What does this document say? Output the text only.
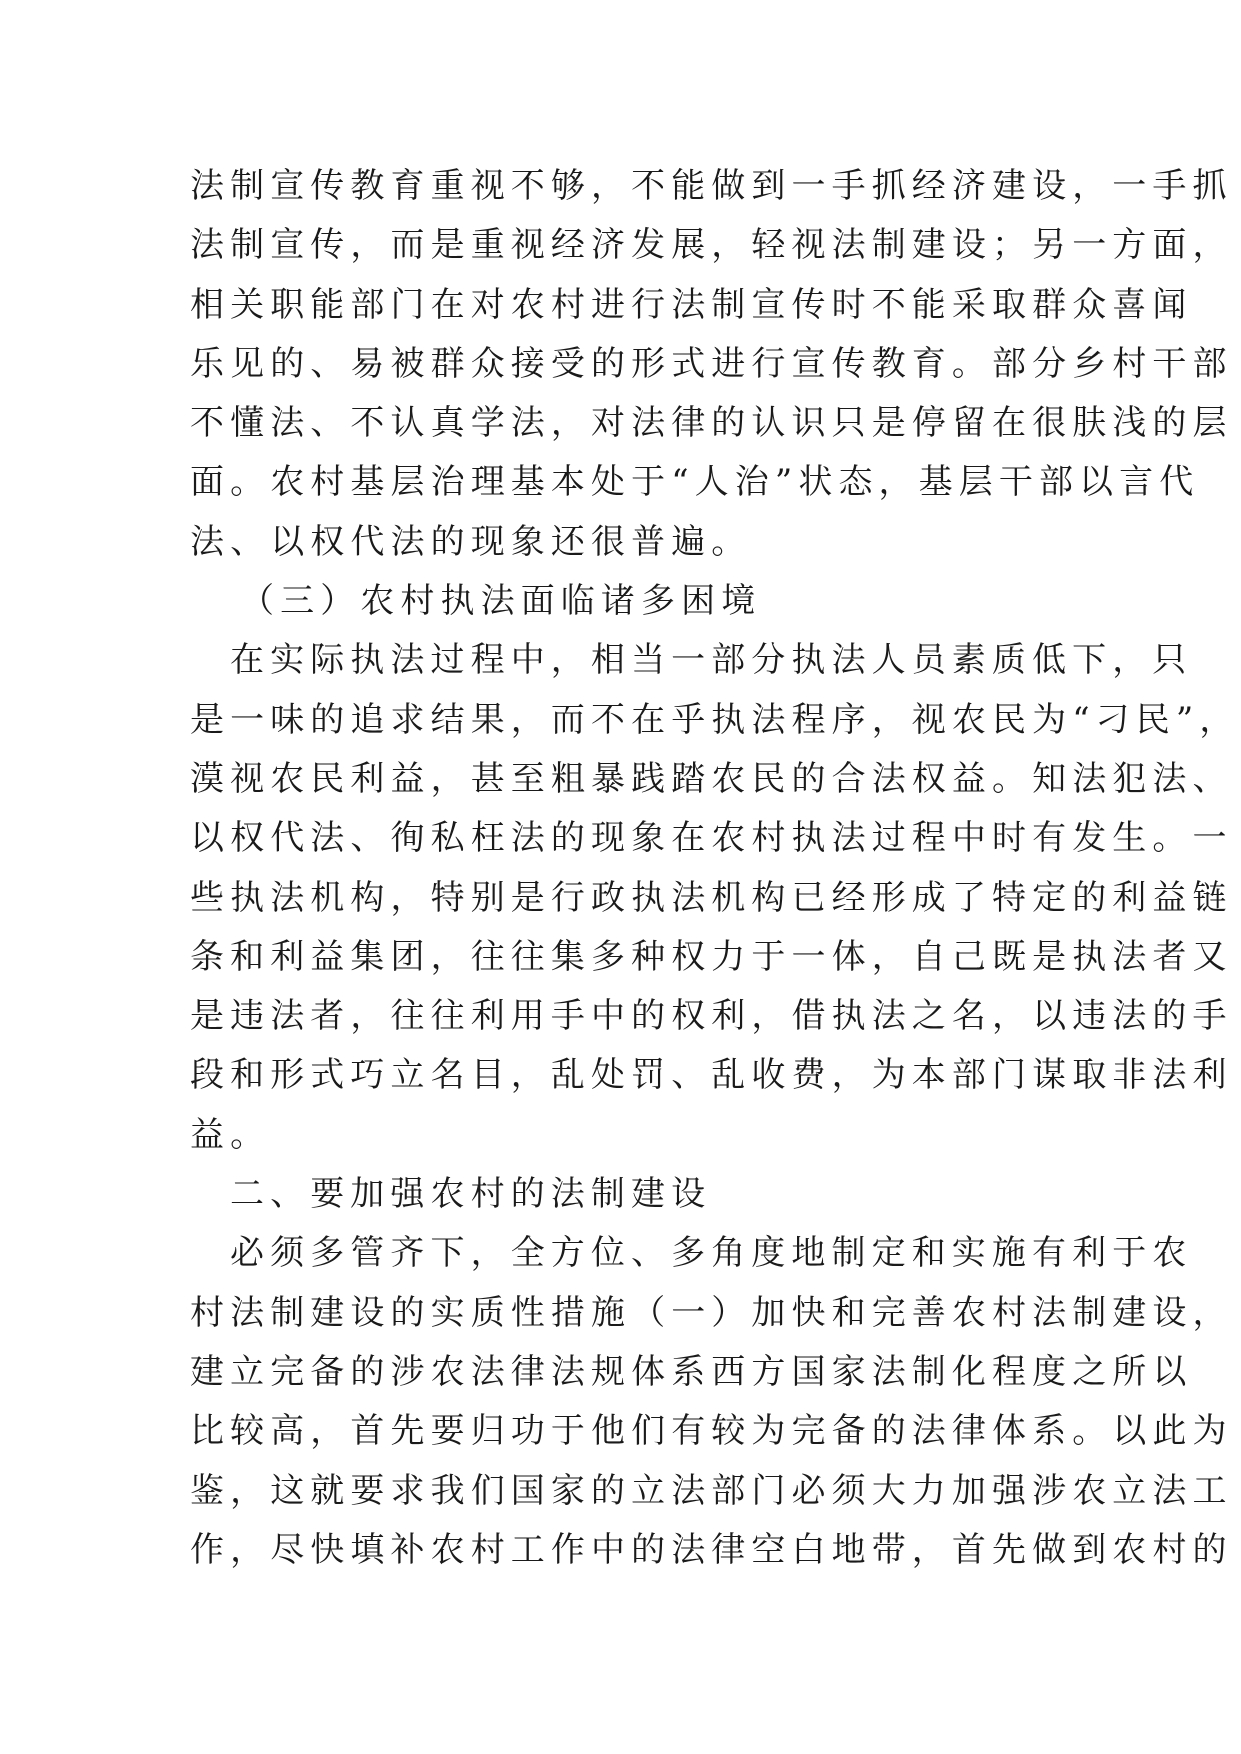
法制宣传教育重视不够，不能做到一手抓经济建设，一手抓
法制宣传，而是重视经济发展，轻视法制建设；另一方面，
相关职能部门在对农村进行法制宣传时不能采取群众喜闻
乐见的、易被群众接受的形式进行宣传教育。部分乡村干部
不懂法、不认真学法，对法律的认识只是停留在很肤浅的层
面。农村基层治理基本处于“人治”状态，基层干部以言代
法、以权代法的现象还很普遍。
（三）农村执法面临诸多困境
在实际执法过程中，相当一部分执法人员素质低下，只
是一味的追求结果，而不在乎执法程序，视农民为“刁民”，
漠视农民利益，甚至粗暴践踏农民的合法权益。知法犯法、
以权代法、徇私枉法的现象在农村执法过程中时有发生。一
些执法机构，特别是行政执法机构已经形成了特定的利益链
条和利益集团，往往集多种权力于一体，自己既是执法者又
是违法者，往往利用手中的权利，借执法之名，以违法的手
段和形式巧立名目，乱处罚、乱收费，为本部门谋取非法利
益。
二、要加强农村的法制建设
必须多管齐下，全方位、多角度地制定和实施有利于农
村法制建设的实质性措施（一）加快和完善农村法制建设，
建立完备的涉农法律法规体系西方国家法制化程度之所以
比较高，首先要归功于他们有较为完备的法律体系。以此为
鉴，这就要求我们国家的立法部门必须大力加强涉农立法工
作，尽快填补农村工作中的法律空白地带，首先做到农村的
